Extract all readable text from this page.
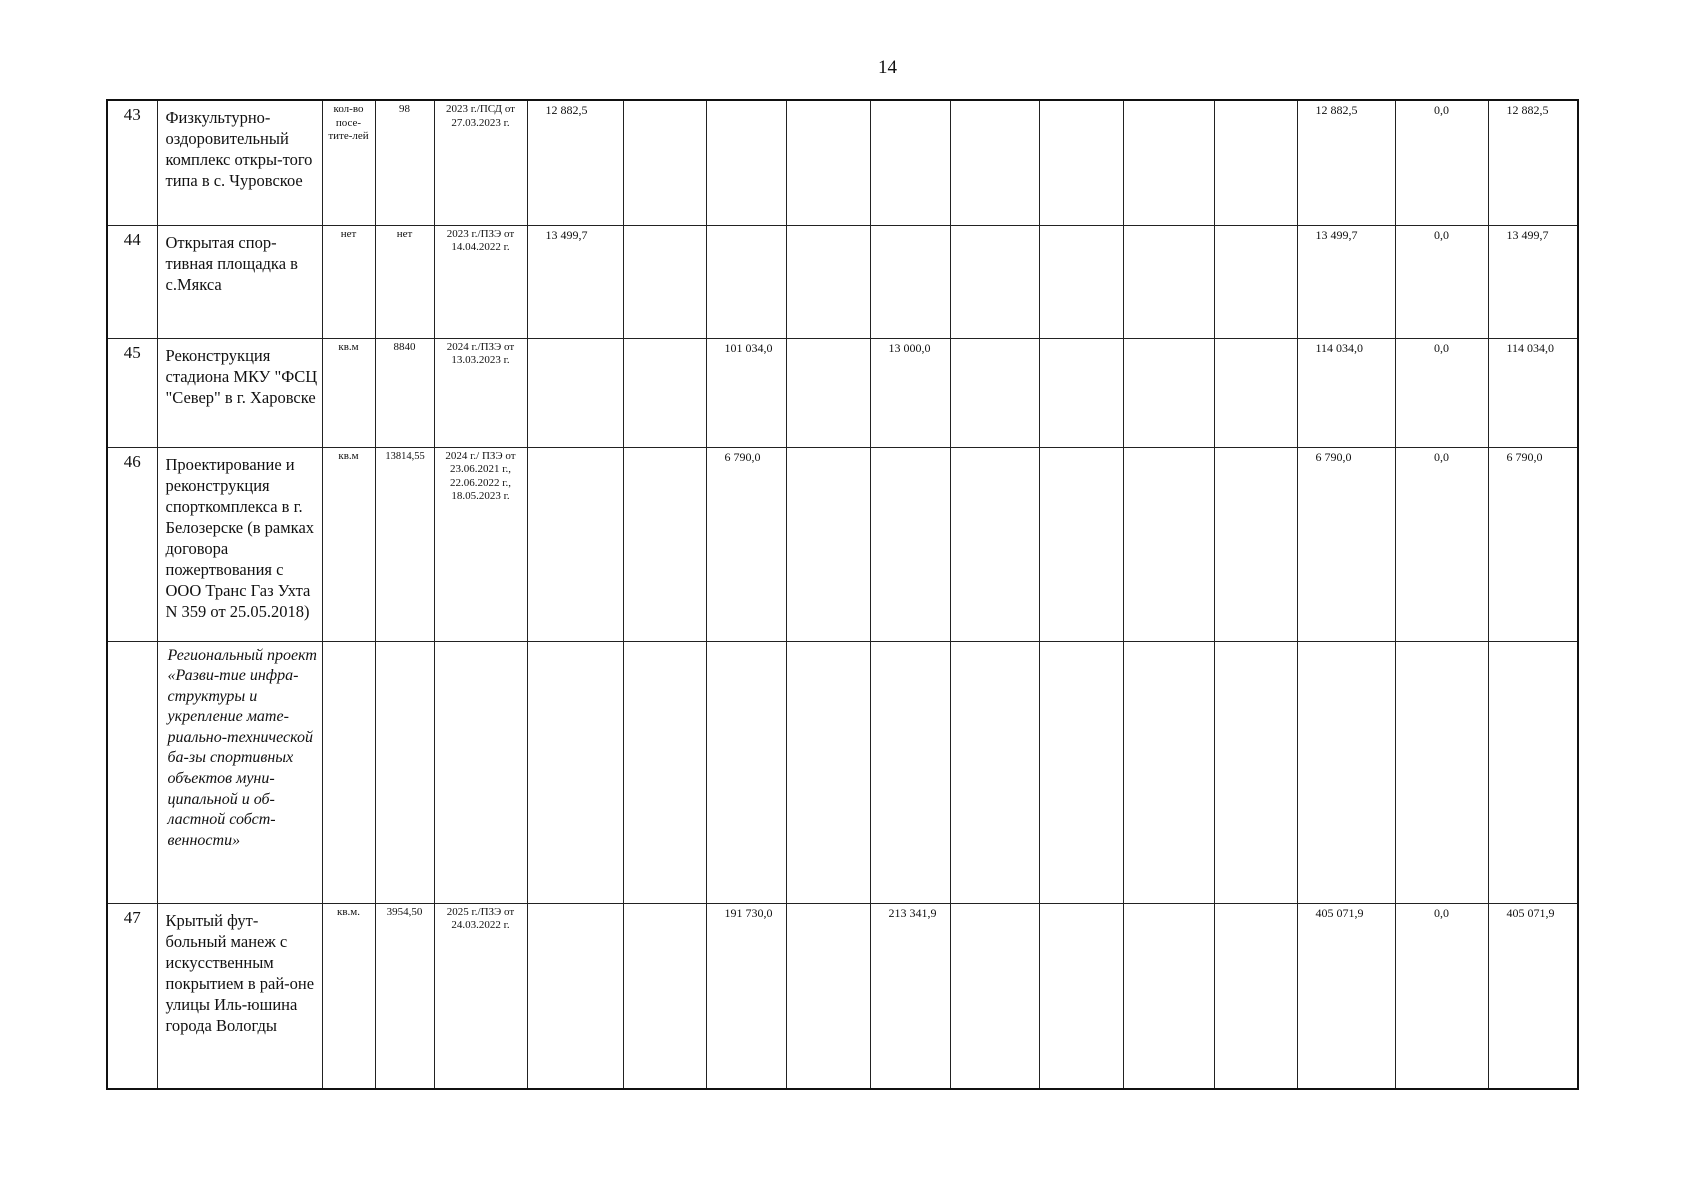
14
43	Физкультурно-оздоровительный комплекс откры-того типа в с. Чуровское	кол-во посе-тите-лей	98	2023 г./ПСД от 27.03.2023 г.	12 882,5									12 882,5	0,0	12 882,5
44	Открытая спор-тивная площадка в с.Мякса	нет	нет	2023 г./ПЗЭ от 14.04.2022 г.	13 499,7									13 499,7	0,0	13 499,7
45	Реконструкция стадиона МКУ "ФСЦ "Север" в г. Харовске	кв.м	8840	2024 г./ПЗЭ от 13.03.2023 г.			101 034,0		13 000,0					114 034,0	0,0	114 034,0
46	Проектирование и реконструкция спорткомплекса в г. Белозерске (в рамках договора пожертвования с ООО Транс Газ Ухта N 359 от 25.05.2018)	кв.м	13814,55	2024 г./ ПЗЭ от 23.06.2021 г., 22.06.2022 г., 18.05.2023 г.			6 790,0							6 790,0	0,0	6 790,0
	Региональный проект «Разви-тие инфра-структуры и укрепление мате-риально-технической ба-зы спортивных объектов муни-ципальной и об-ластной собст-венности»															
47	Крытый фут-больный манеж с искусственным покрытием в рай-оне улицы Иль-юшина города Вологды	кв.м.	3954,50	2025 г./ПЗЭ от 24.03.2022 г.			191 730,0		213 341,9					405 071,9	0,0	405 071,9
